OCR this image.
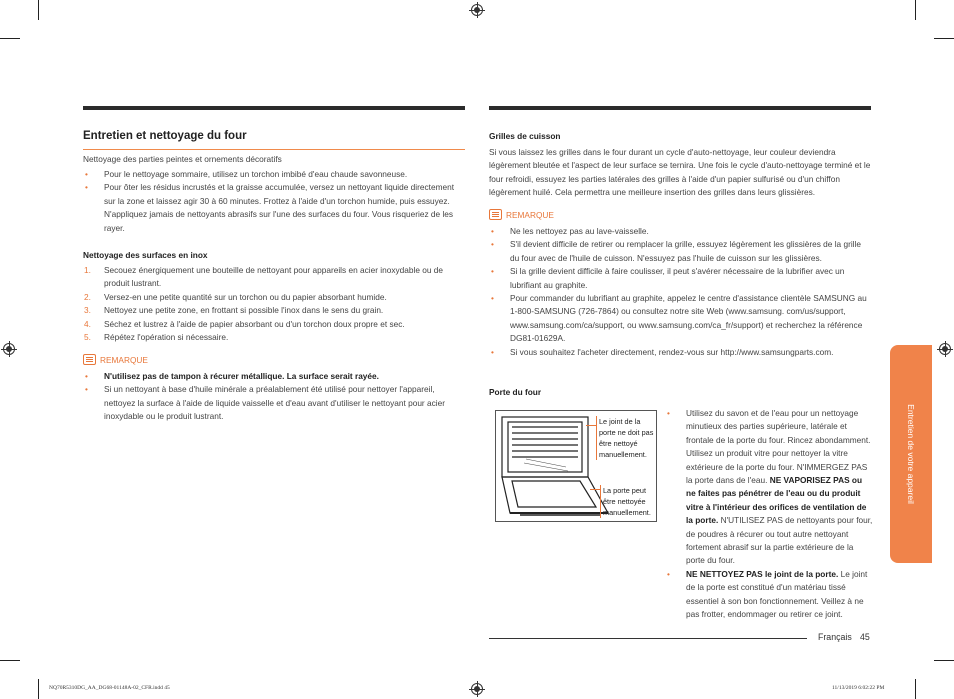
Entretien et nettoyage du four
Nettoyage des parties peintes et ornements décoratifs
• Pour le nettoyage sommaire, utilisez un torchon imbibé d'eau chaude savonneuse.
• Pour ôter les résidus incrustés et la graisse accumulée, versez un nettoyant liquide directement sur la zone et laissez agir 30 à 60 minutes. Frottez à l'aide d'un torchon humide, puis essuyez. N'appliquez jamais de nettoyants abrasifs sur l'une des surfaces du four. Vous risqueriez de les rayer.
Nettoyage des surfaces en inox
1. Secouez énergiquement une bouteille de nettoyant pour appareils en acier inoxydable ou de produit lustrant.
2. Versez-en une petite quantité sur un torchon ou du papier absorbant humide.
3. Nettoyez une petite zone, en frottant si possible l'inox dans le sens du grain.
4. Séchez et lustrez à l'aide de papier absorbant ou d'un torchon doux propre et sec.
5. Répétez l'opération si nécessaire.
REMARQUE
• N'utilisez pas de tampon à récurer métallique. La surface serait rayée.
• Si un nettoyant à base d'huile minérale a préalablement été utilisé pour nettoyer l'appareil, nettoyez la surface à l'aide de liquide vaisselle et d'eau avant d'utiliser le nettoyant pour acier inoxydable ou le produit lustrant.
Grilles de cuisson
Si vous laissez les grilles dans le four durant un cycle d'auto-nettoyage, leur couleur deviendra légèrement bleutée et l'aspect de leur surface se ternira. Une fois le cycle d'auto-nettoyage terminé et le four refroidi, essuyez les parties latérales des grilles à l'aide d'un papier sulfurisé ou d'un chiffon légèrement huilé. Cela permettra une meilleure insertion des grilles dans leurs glissières.
REMARQUE
• Ne les nettoyez pas au lave-vaisselle.
• S'il devient difficile de retirer ou remplacer la grille, essuyez légèrement les glissières de la grille du four avec de l'huile de cuisson. N'essuyez pas l'huile de cuisson sur les glissières.
• Si la grille devient difficile à faire coulisser, il peut s'avérer nécessaire de la lubrifier avec un lubrifiant au graphite.
• Pour commander du lubrifiant au graphite, appelez le centre d'assistance clientèle SAMSUNG au 1-800-SAMSUNG (726-7864) ou consultez notre site Web (www.samsung. com/us/support, www.samsung.com/ca/support, ou www.samsung.com/ca_fr/support) et recherchez la référence DG81-01629A.
• Si vous souhaitez l'acheter directement, rendez-vous sur http://www.samsungparts.com.
Porte du four
Le joint de la porte ne doit pas être nettoyé manuellement.
La porte peut être nettoyée manuellement.
• Utilisez du savon et de l'eau pour un nettoyage minutieux des parties supérieure, latérale et frontale de la porte du four. Rincez abondamment. Utilisez un produit vitre pour nettoyer la vitre extérieure de la porte du four. N'IMMERGEZ PAS la porte dans de l'eau. NE VAPORISEZ PAS ou ne faites pas pénétrer de l'eau ou du produit vitre à l'intérieur des orifices de ventilation de la porte. N'UTILISEZ PAS de nettoyants pour four, de poudres à récurer ou tout autre nettoyant fortement abrasif sur la partie extérieure de la porte du four.
• NE NETTOYEZ PAS le joint de la porte. Le joint de la porte est constitué d'un matériau tissé essentiel à son bon fonctionnement. Veillez à ne pas frotter, endommager ou retirer ce joint.
Entretien de votre appareil
Français 45
NQ70R5310DG_AA_DG68-01148A-02_CFR.indd 45	11/13/2019 6:02:22 PM
